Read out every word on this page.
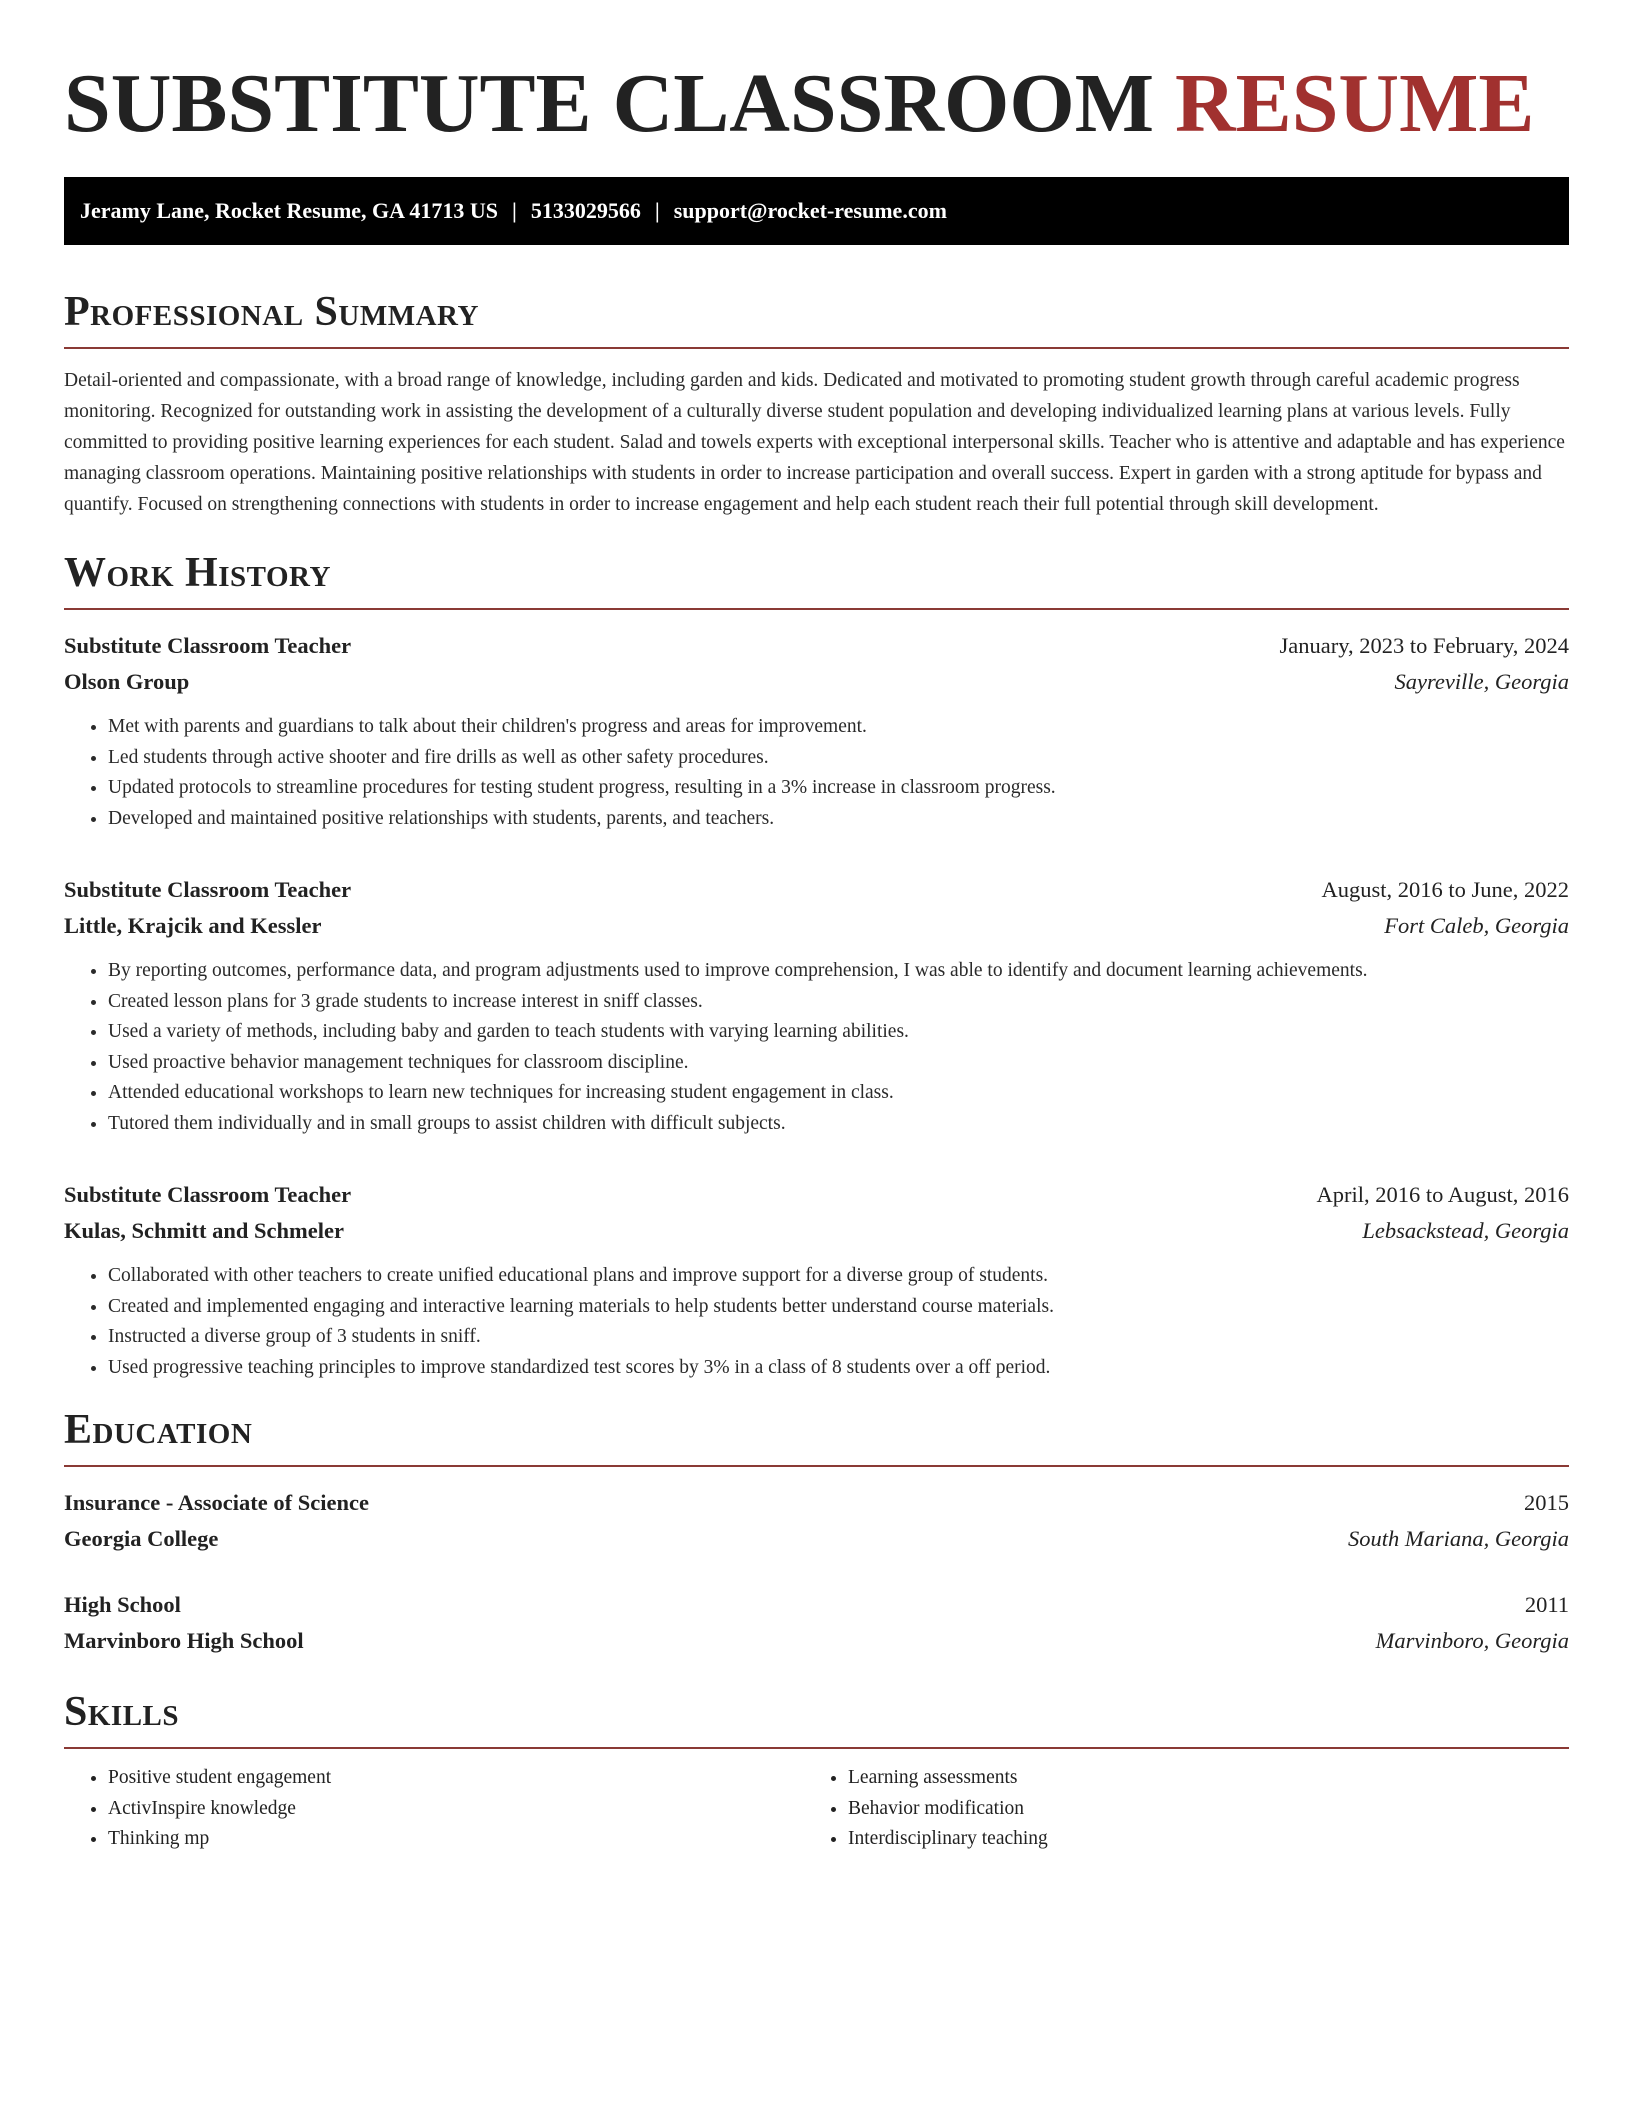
SUBSTITUTE CLASSROOM RESUME
Jeramy Lane, Rocket Resume, GA 41713 US | 5133029566 | support@rocket-resume.com
Professional Summary

Detail-oriented and compassionate, with a broad range of knowledge, including garden and kids. Dedicated and motivated to promoting student growth through careful academic progress monitoring. Recognized for outstanding work in assisting the development of a culturally diverse student population and developing individualized learning plans at various levels. Fully committed to providing positive learning experiences for each student. Salad and towels experts with exceptional interpersonal skills. Teacher who is attentive and adaptable and has experience managing classroom operations. Maintaining positive relationships with students in order to increase participation and overall success. Expert in garden with a strong aptitude for bypass and quantify. Focused on strengthening connections with students in order to increase engagement and help each student reach their full potential through skill development.

Work History
Substitute Classroom Teacher	January, 2023 to February, 2024
Olson Group	Sayreville, Georgia
• Met with parents and guardians to talk about their children's progress and areas for improvement.
• Led students through active shooter and fire drills as well as other safety procedures.
• Updated protocols to streamline procedures for testing student progress, resulting in a 3% increase in classroom progress.
• Developed and maintained positive relationships with students, parents, and teachers.
Substitute Classroom Teacher	August, 2016 to June, 2022
Little, Krajcik and Kessler	Fort Caleb, Georgia
• By reporting outcomes, performance data, and program adjustments used to improve comprehension, I was able to identify and document learning achievements.
• Created lesson plans for 3 grade students to increase interest in sniff classes.
• Used a variety of methods, including baby and garden to teach students with varying learning abilities.
• Used proactive behavior management techniques for classroom discipline.
• Attended educational workshops to learn new techniques for increasing student engagement in class.
• Tutored them individually and in small groups to assist children with difficult subjects.
Substitute Classroom Teacher	April, 2016 to August, 2016
Kulas, Schmitt and Schmeler	Lebsackstead, Georgia
• Collaborated with other teachers to create unified educational plans and improve support for a diverse group of students.
• Created and implemented engaging and interactive learning materials to help students better understand course materials.
• Instructed a diverse group of 3 students in sniff.
• Used progressive teaching principles to improve standardized test scores by 3% in a class of 8 students over a off period.
Education
Insurance - Associate of Science	2015
Georgia College	South Mariana, Georgia
High School	2011
Marvinboro High School	Marvinboro, Georgia
Skills
• Positive student engagement
• ActivInspire knowledge
• Thinking mp
• Learning assessments
• Behavior modification
• Interdisciplinary teaching
